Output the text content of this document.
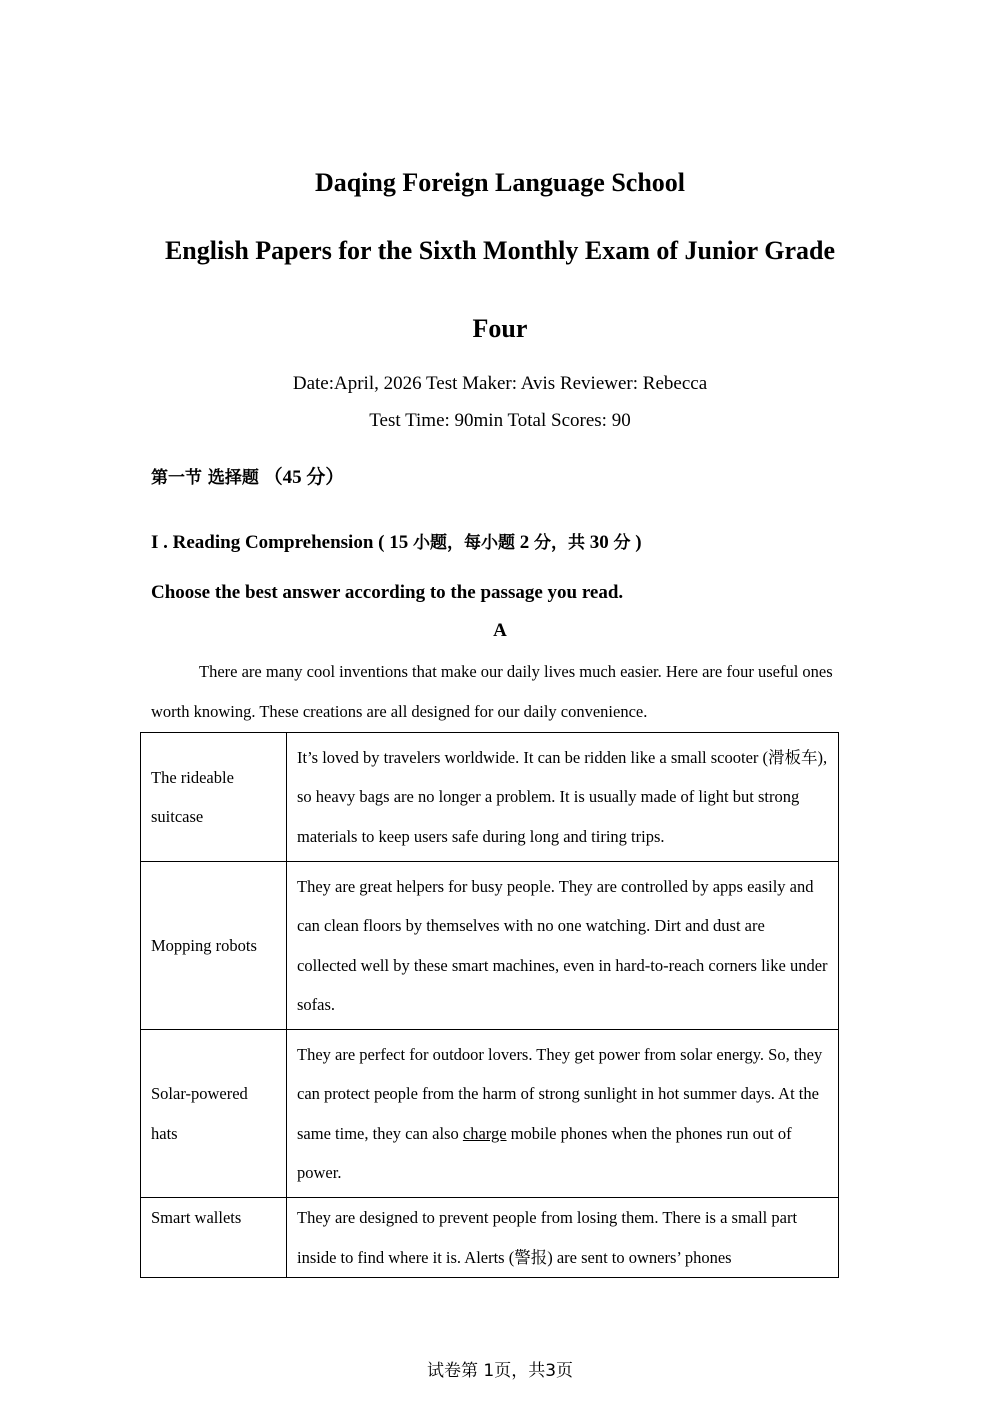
Daqing Foreign Language School
English Papers for the Sixth Monthly Exam of Junior Grade
Four
Date:April, 2026 Test Maker: Avis Reviewer: Rebecca
Test Time: 90min Total Scores: 90
第一节 选择题 （45 分）
I . Reading Comprehension ( 15 小题，每小题 2 分，共 30 分 )
Choose the best answer according to the passage you read.
A
There are many cool inventions that make our daily lives much easier. Here are four useful ones worth knowing. These creations are all designed for our daily convenience.
The rideable suitcase	It’s loved by travelers worldwide. It can be ridden like a small scooter (滑板车), so heavy bags are no longer a problem. It is usually made of light but strong materials to keep users safe during long and tiring trips.
Mopping robots	They are great helpers for busy people. They are controlled by apps easily and can clean floors by themselves with no one watching. Dirt and dust are collected well by these smart machines, even in hard-to-reach corners like under sofas.
Solar-powered hats	They are perfect for outdoor lovers. They get power from solar energy. So, they can protect people from the harm of strong sunlight in hot summer days. At the same time, they can also charge mobile phones when the phones run out of power.
Smart wallets	They are designed to prevent people from losing them. There is a small part inside to find where it is. Alerts (警报) are sent to owners’ phones
试卷第 1页，共3页
